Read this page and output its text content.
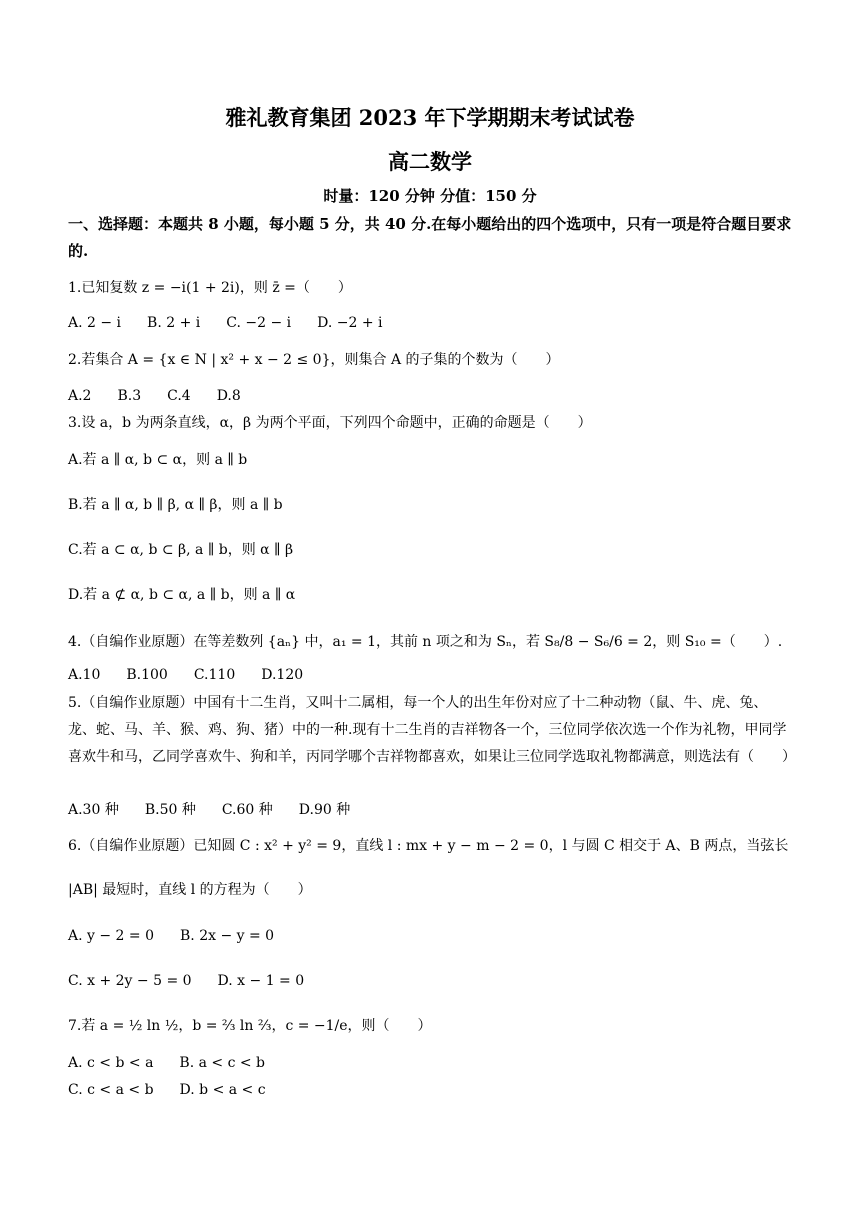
雅礼教育集团 2023 年下学期期末考试试卷
高二数学
时量：120 分钟 分值：150 分
一、选择题：本题共 8 小题，每小题 5 分，共 40 分.在每小题给出的四个选项中，只有一项是符合题目要求的.
1.已知复数 z = −i(1 + 2i)，则 z̄ =（　　）
A. 2 − i B. 2 + i C. −2 − i D. −2 + i
2.若集合 A = {x ∈ N | x² + x − 2 ≤ 0}，则集合 A 的子集的个数为（　　）
A.2 B.3 C.4 D.8
3.设 a，b 为两条直线，α，β 为两个平面，下列四个命题中，正确的命题是（　　）
A.若 a ∥ α, b ⊂ α，则 a ∥ b
B.若 a ∥ α, b ∥ β, α ∥ β，则 a ∥ b
C.若 a ⊂ α, b ⊂ β, a ∥ b，则 α ∥ β
D.若 a ⊄ α, b ⊂ α, a ∥ b，则 a ∥ α
4.（自编作业原题）在等差数列 {aₙ} 中，a₁ = 1，其前 n 项之和为 Sₙ，若 S₈/8 − S₆/6 = 2，则 S₁₀ =（　　）.
A.10 B.100 C.110 D.120
5.（自编作业原题）中国有十二生肖，又叫十二属相，每一个人的出生年份对应了十二种动物（鼠、牛、虎、兔、龙、蛇、马、羊、猴、鸡、狗、猪）中的一种.现有十二生肖的吉祥物各一个，三位同学依次选一个作为礼物，甲同学喜欢牛和马，乙同学喜欢牛、狗和羊，丙同学哪个吉祥物都喜欢，如果让三位同学选取礼物都满意，则选法有（　　）
A.30 种 B.50 种 C.60 种 D.90 种
6.（自编作业原题）已知圆 C : x² + y² = 9，直线 l : mx + y − m − 2 = 0，l 与圆 C 相交于 A、B 两点，当弦长
|AB| 最短时，直线 l 的方程为（　　）
A. y − 2 = 0 B. 2x − y = 0
C. x + 2y − 5 = 0 D. x − 1 = 0
7.若 a = ½ ln ½，b = ⅔ ln ⅔，c = −1/e，则（　　）
A. c < b < a B. a < c < b
C. c < a < b D. b < a < c
